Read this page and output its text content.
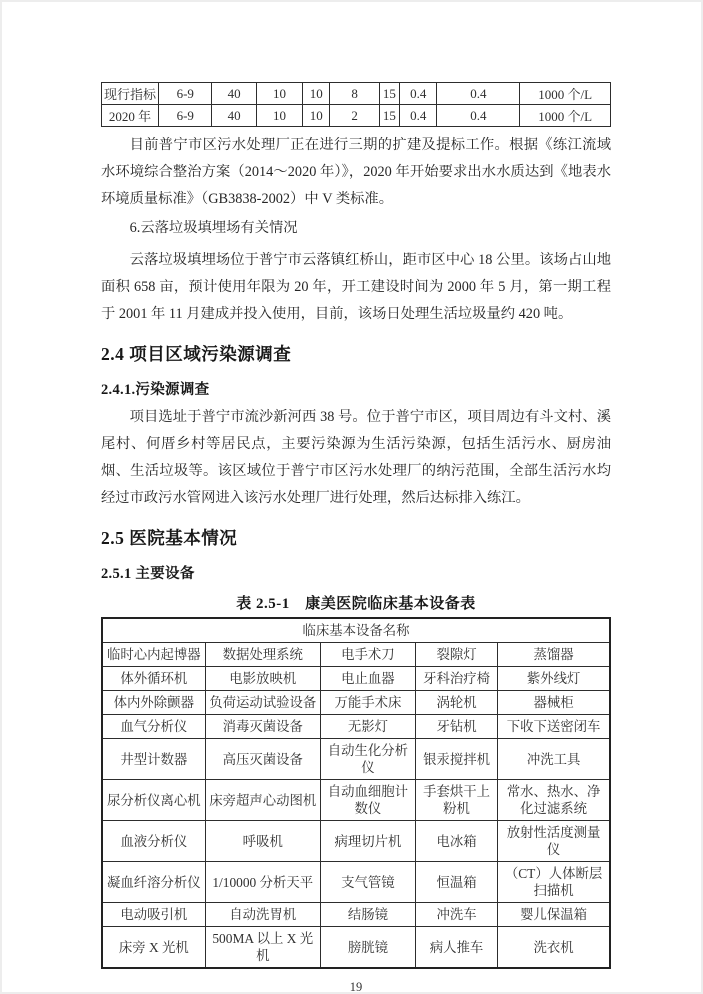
现行指标	6-9	40	10	10	8	15	0.4	0.4	1000 个/L
2020 年	6-9	40	10	10	2	15	0.4	0.4	1000 个/L

目前普宁市区污水处理厂正在进行三期的扩建及提标工作。根据《练江流域水环境综合整治方案（2014～2020 年）》，2020 年开始要求出水水质达到《地表水环境质量标准》（GB3838-2002）中 V 类标准。

6.云落垃圾填埋场有关情况

云落垃圾填埋场位于普宁市云落镇红桥山，距市区中心 18 公里。该场占山地面积 658 亩，预计使用年限为 20 年，开工建设时间为 2000 年 5 月，第一期工程于 2001 年 11 月建成并投入使用，目前，该场日处理生活垃圾量约 420 吨。

2.4 项目区域污染源调查
2.4.1.污染源调查

项目选址于普宁市流沙新河西 38 号。位于普宁市区，项目周边有斗文村、溪尾村、何厝乡村等居民点，主要污染源为生活污染源，包括生活污水、厨房油烟、生活垃圾等。该区域位于普宁市区污水处理厂的纳污范围，全部生活污水均经过市政污水管网进入该污水处理厂进行处理，然后达标排入练江。

2.5 医院基本情况
2.5.1 主要设备
表 2.5-1　康美医院临床基本设备表
临床基本设备名称				
临时心内起博器	数据处理系统	电手术刀	裂隙灯	蒸馏器
体外循环机	电影放映机	电止血器	牙科治疗椅	紫外线灯
体内外除颤器	负荷运动试验设备	万能手术床	涡轮机	器械柜
血气分析仪	消毒灭菌设备	无影灯	牙钻机	下收下送密闭车
井型计数器	高压灭菌设备	自动生化分析仪	银汞搅拌机	冲洗工具
尿分析仪离心机	床旁超声心动图机	自动血细胞计数仪	手套烘干上粉机	常水、热水、净化过滤系统
血液分析仪	呼吸机	病理切片机	电冰箱	放射性活度测量仪
凝血纤溶分析仪	1/10000 分析天平	支气管镜	恒温箱	（CT）人体断层扫描机
电动吸引机	自动洗胃机	结肠镜	冲洗车	婴儿保温箱
床旁 X 光机	500MA 以上 X 光机	膀胱镜	病人推车	洗衣机
19
